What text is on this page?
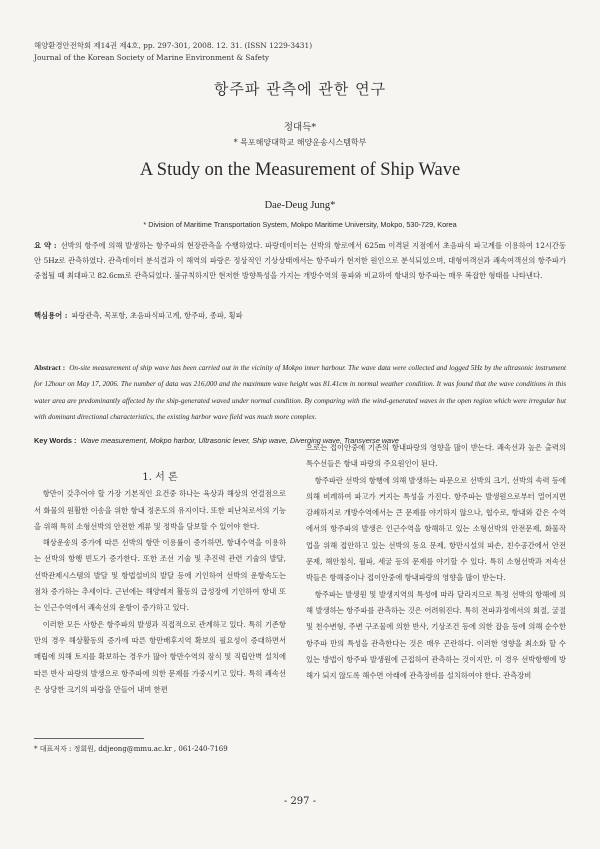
해양환경안전학회 제14권 제4호, pp. 297-301, 2008. 12. 31. (ISSN 1229-3431)
Journal of the Korean Society of Marine Environment & Safety
항주파 관측에 관한 연구
정대득*
* 목포해양대학교 해양운송시스템학부
A Study on the Measurement of Ship Wave
Dae-Deug Jung*
* Division of Maritime Transportation System, Mokpo Maritime University, Mokpo, 530-729, Korea
요 약 : 선박의 항주에 의해 발생하는 항주파의 현장관측을 수행하였다. 파랑데이터는 선박의 항로에서 625m 이격된 지점에서 초음파식 파고계를 이용하여 12시간동안 5Hz로 관측하였다. 관측데이터 분석결과 이 해역의 파랑은 정상적인 기상상태에서는 항주파가 현저한 원인으로 분석되었으며, 대형여객선과 쾌속여객선의 항주파가 중첩될 때 최대파고 82.6cm로 관측되었다. 불규칙하지만 현저한 방향특성을 가지는 개방수역의 풍파와 비교하여 항내의 항주파는 매우 복잡한 형태를 나타낸다.
핵심용어 : 파랑관측, 목포항, 초음파식파고계, 항주파, 종파, 횡파
Abstract : On-site measurement of ship wave has been carried out in the vicinity of Mokpo inner harbour. The wave data were collected and logged 5Hz by the ultrasonic instrument for 12hour on May 17, 2006. The number of data was 216,000 and the maximum wave height was 81.41cm in normal weather condition. It was found that the wave conditions in this water area are predominantly affected by the ship-generated waved under normal condition. By comparing with the wind-generated waves in the open region which were irregular but with dominant directional characteristics, the existing harbor wave field was much more complex.
Key Words : Wave measurement, Mokpo harbor, Ultrasonic lever, Ship wave, Diverging wave, Transverse wave

1. 서 론

항만이 갖추어야 할 가장 기본적인 요건중 하나는 육상과 해상의 연결점으로서 화물의 원활한 이송을 위한 항내 정온도의 유지이다. 또한 피난처로서의 기능을 위해 특히 소형선박의 안전한 계류 및 정박을 담보할 수 있어야 한다.

해상운송의 증가에 따른 선박의 항만 이용률이 증가하면, 항내수역을 이용하는 선박의 항행 빈도가 증가한다. 또한 조선 기술 및 추진력 관련 기술의 발달, 선박관제시스템의 발달 및 항법설비의 발달 등에 기인하여 선박의 운항속도는 점차 증가하는 추세이다. 근년에는 해양레저 활동의 급성장에 기인하여 항내 또는 인근수역에서 쾌속선의 운항이 증가하고 있다.

이러한 모든 사항은 항주파의 발생과 직접적으로 관계하고 있다. 특히 기존항만의 경우 해상활동의 증가에 따른 항만배후지역 확보의 필요성이 증대하면서 매립에 의해 토지를 확보하는 경우가 많아 항만수역의 잠식 및 직립안벽 설치에 따른 반사 파랑의 발생으로 항주파에 의한 문제를 가중시키고 있다. 특히 쾌속선은 상당한 크기의 파랑을 만들어 내며 한편

으로는 접이안중에 기존의 항내파랑의 영향을 많이 받는다. 쾌속선과 높은 출력의 특수선들은 항내 파랑의 주요원인이 된다.

항주파란 선박의 항행에 의해 발생하는 파문으로 선박의 크기, 선박의 속력 등에 의해 비례하여 파고가 커지는 특성을 가진다. 항주파는 발생원으로부터 멀어지면 감쇄하지로 개방수역에서는 큰 문제를 야기하지 않으나, 협수로, 항내와 같은 수역에서의 항주파의 발생은 인근수역을 항해하고 있는 소형선박의 안전문제, 화물작업을 위해 접안하고 있는 선박의 동요 문제, 항만시설의 파손, 친수공간에서 안전문제, 해안침식, 월파, 세굴 등의 문제를 야기할 수 있다. 특히 소형선박과 저속선박들은 항해중이나 접이안중에 항내파랑의 영향을 많이 받는다.

항주파는 발생원 및 발생지역의 특성에 따라 달라지므로 특정 선박의 항해에 의해 발생하는 항주파를 관측하는 것은 어려워진다. 특히 전파과정에서의 회절, 굴절 및 천수변형, 주변 구조물에 의한 반사, 기상조건 등에 의한 잡음 등에 의해 순수한 항주파 만의 특성을 관측한다는 것은 매우 곤란하다. 이러한 영향을 최소화 할 수 있는 방법이 항주파 발생원에 근접하여 관측하는 것이지만, 이 경우 선박항행에 방해가 되지 않도록 해수면 아래에 관측장비를 설치하여야 한다. 관측장비

* 대표저자 : 정회원, ddjeong@mmu.ac.kr , 061-240-7169
- 297 -
